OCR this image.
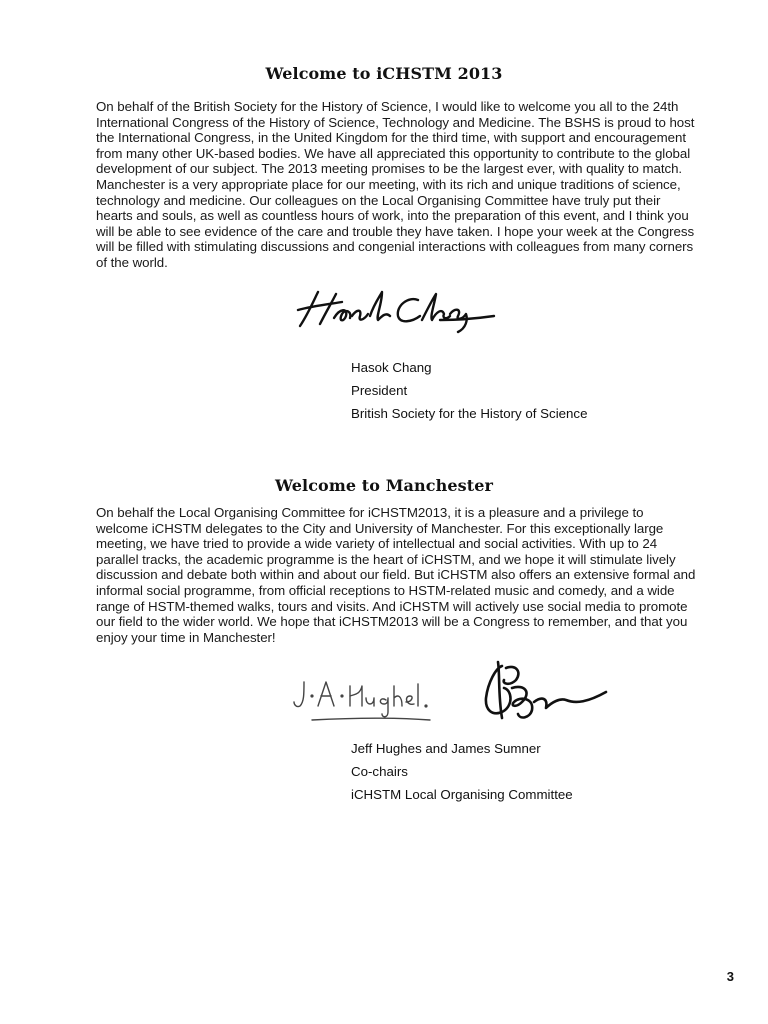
Welcome to iCHSTM 2013

On behalf of the British Society for the History of Science, I would like to welcome you all to the 24th International Congress of the History of Science, Technology and Medicine. The BSHS is proud to host the International Congress, in the United Kingdom for the third time, with support and encouragement from many other UK-based bodies. We have all appreciated this opportunity to contribute to the global development of our subject. The 2013 meeting promises to be the largest ever, with quality to match. Manchester is a very appropriate place for our meeting, with its rich and unique traditions of science, technology and medicine. Our colleagues on the Local Organising Committee have truly put their hearts and souls, as well as countless hours of work, into the preparation of this event, and I think you will be able to see evidence of the care and trouble they have taken. I hope your week at the Congress will be filled with stimulating discussions and congenial interactions with colleagues from many corners of the world.

Hasok Chang
President
British Society for the History of Science
Welcome to Manchester

On behalf the Local Organising Committee for iCHSTM2013, it is a pleasure and a privilege to welcome iCHSTM delegates to the City and University of Manchester. For this exceptionally large meeting, we have tried to provide a wide variety of intellectual and social activities. With up to 24 parallel tracks, the academic programme is the heart of iCHSTM, and we hope it will stimulate lively discussion and debate both within and about our field. But iCHSTM also offers an extensive formal and informal social programme, from official receptions to HSTM-related music and comedy, and a wide range of HSTM-themed walks, tours and visits. And iCHSTM will actively use social media to promote our field to the wider world. We hope that iCHSTM2013 will be a Congress to remember, and that you enjoy your time in Manchester!

Jeff Hughes and James Sumner
Co-chairs
iCHSTM Local Organising Committee
3
